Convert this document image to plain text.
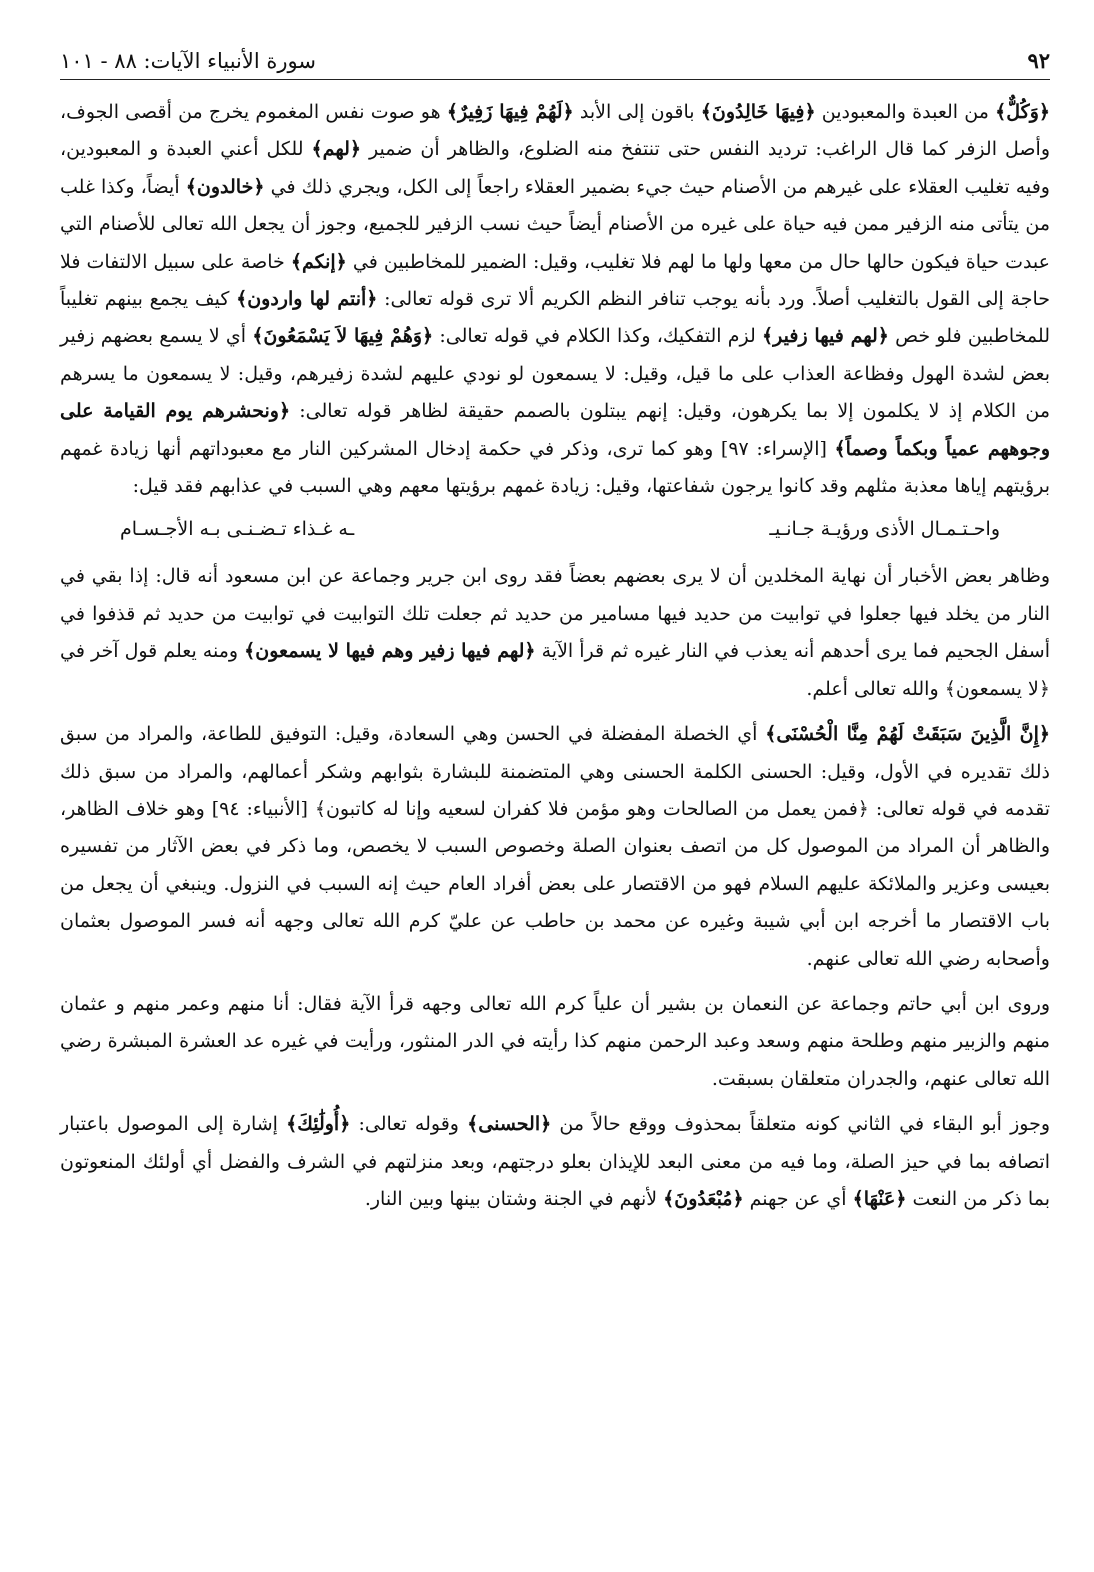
٩٢
سورة الأنبياء الآيات: ٨٨ - ١٠١

﴿وَكُلٌّ﴾ من العبدة والمعبودين ﴿فِيهَا خَالِدُونَ﴾ باقون إلى الأبد ﴿لَهُمْ فِيهَا زَفِيرٌ﴾ هو صوت نفس المغموم يخرج من أقصى الجوف، وأصل الزفر كما قال الراغب: ترديد النفس حتى تنتفخ منه الضلوع، والظاهر أن ضمير ﴿لهم﴾ للكل أعني العبدة و المعبودين، وفيه تغليب العقلاء على غيرهم من الأصنام حيث جيء بضمير العقلاء راجعاً إلى الكل، ويجري ذلك في ﴿خالدون﴾ أيضاً، وكذا غلب من يتأتى منه الزفير ممن فيه حياة على غيره من الأصنام أيضاً حيث نسب الزفير للجميع، وجوز أن يجعل الله تعالى للأصنام التي عبدت حياة فيكون حالها حال من معها ولها ما لهم فلا تغليب، وقيل: الضمير للمخاطبين في ﴿إنكم﴾ خاصة على سبيل الالتفات فلا حاجة إلى القول بالتغليب أصلاً. ورد بأنه يوجب تنافر النظم الكريم ألا ترى قوله تعالى: ﴿أنتم لها واردون﴾ كيف يجمع بينهم تغليباً للمخاطبين فلو خص ﴿لهم فيها زفير﴾ لزم التفكيك، وكذا الكلام في قوله تعالى: ﴿وَهُمْ فِيهَا لاَ يَسْمَعُونَ﴾ أي لا يسمع بعضهم زفير بعض لشدة الهول وفظاعة العذاب على ما قيل، وقيل: لا يسمعون لو نودي عليهم لشدة زفيرهم، وقيل: لا يسمعون ما يسرهم من الكلام إذ لا يكلمون إلا بما يكرهون، وقيل: إنهم يبتلون بالصمم حقيقة لظاهر قوله تعالى: ﴿ونحشرهم يوم القيامة على وجوههم عمياً وبكماً وصماً﴾ [الإسراء: ٩٧] وهو كما ترى، وذكر في حكمة إدخال المشركين النار مع معبوداتهم أنها زيادة غمهم برؤيتهم إياها معذبة مثلهم وقد كانوا يرجون شفاعتها، وقيل: زيادة غمهم برؤيتها معهم وهي السبب في عذابهم فقد قيل:

واحـتـمـال الأذى ورؤيـة جـانـيـ
ـه غـذاء تـضـنـى بـه الأجـسـام

وظاهر بعض الأخبار أن نهاية المخلدين أن لا يرى بعضهم بعضاً فقد روى ابن جرير وجماعة عن ابن مسعود أنه قال: إذا بقي في النار من يخلد فيها جعلوا في توابيت من حديد فيها مسامير من حديد ثم جعلت تلك التوابيت في توابيت من حديد ثم قذفوا في أسفل الجحيم فما يرى أحدهم أنه يعذب في النار غيره ثم قرأ الآية ﴿لهم فيها زفير وهم فيها لا يسمعون﴾ ومنه يعلم قول آخر في ﴿لا يسمعون﴾ والله تعالى أعلم.

﴿إِنَّ الَّذِينَ سَبَقَتْ لَهُمْ مِنَّا الْحُسْنَى﴾ أي الخصلة المفضلة في الحسن وهي السعادة، وقيل: التوفيق للطاعة، والمراد من سبق ذلك تقديره في الأول، وقيل: الحسنى الكلمة الحسنى وهي المتضمنة للبشارة بثوابهم وشكر أعمالهم، والمراد من سبق ذلك تقدمه في قوله تعالى: ﴿فمن يعمل من الصالحات وهو مؤمن فلا كفران لسعيه وإنا له كاتبون﴾ [الأنبياء: ٩٤] وهو خلاف الظاهر، والظاهر أن المراد من الموصول كل من اتصف بعنوان الصلة وخصوص السبب لا يخصص، وما ذكر في بعض الآثار من تفسيره بعيسى وعزير والملائكة عليهم السلام فهو من الاقتصار على بعض أفراد العام حيث إنه السبب في النزول. وينبغي أن يجعل من باب الاقتصار ما أخرجه ابن أبي شيبة وغيره عن محمد بن حاطب عن عليّ كرم الله تعالى وجهه أنه فسر الموصول بعثمان وأصحابه رضي الله تعالى عنهم.

وروى ابن أبي حاتم وجماعة عن النعمان بن بشير أن علياً كرم الله تعالى وجهه قرأ الآية فقال: أنا منهم وعمر منهم و عثمان منهم والزبير منهم وطلحة منهم وسعد وعبد الرحمن منهم كذا رأيته في الدر المنثور، ورأيت في غيره عد العشرة المبشرة رضي الله تعالى عنهم، والجدران متعلقان بسبقت.

وجوز أبو البقاء في الثاني كونه متعلقاً بمحذوف ووقع حالاً من ﴿الحسنى﴾ وقوله تعالى: ﴿أُولَٰئِكَ﴾ إشارة إلى الموصول باعتبار اتصافه بما في حيز الصلة، وما فيه من معنى البعد للإيذان بعلو درجتهم، وبعد منزلتهم في الشرف والفضل أي أولئك المنعوتون بما ذكر من النعت ﴿عَنْهَا﴾ أي عن جهنم ﴿مُبْعَدُونَ﴾ لأنهم في الجنة وشتان بينها وبين النار.
